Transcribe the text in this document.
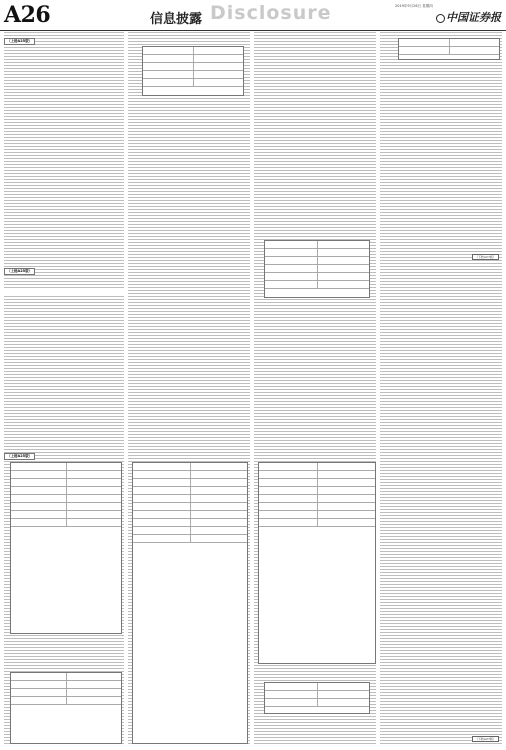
A26	信息披露 Disclosure	2019年9月26日 星期四
中国证券报
（上接A25版）
（上接A25版）
（上接A25版）
（下转A27版）
（下转A27版）
